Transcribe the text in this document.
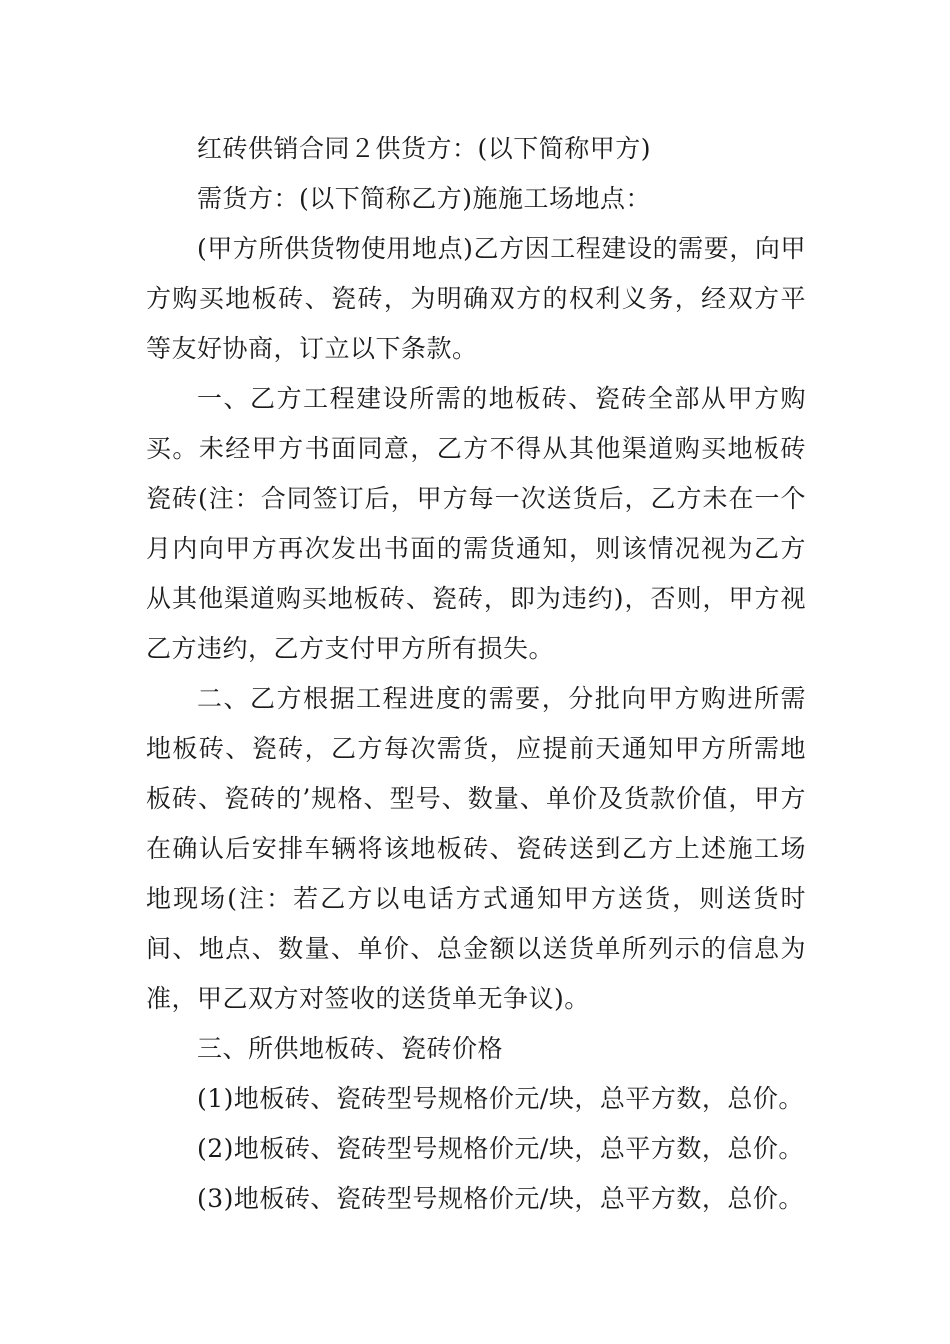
红砖供销合同２供货方：(以下简称甲方)

需货方：(以下简称乙方)施施工场地点：

(甲方所供货物使用地点)乙方因工程建设的需要，向甲方购买地板砖、瓷砖，为明确双方的权利义务，经双方平等友好协商，订立以下条款。

一、乙方工程建设所需的地板砖、瓷砖全部从甲方购买。未经甲方书面同意，乙方不得从其他渠道购买地板砖瓷砖(注：合同签订后，甲方每一次送货后，乙方未在一个月内向甲方再次发出书面的需货通知，则该情况视为乙方从其他渠道购买地板砖、瓷砖，即为违约)，否则，甲方视乙方违约，乙方支付甲方所有损失。

二、乙方根据工程进度的需要，分批向甲方购进所需地板砖、瓷砖，乙方每次需货，应提前天通知甲方所需地板砖、瓷砖的’规格、型号、数量、单价及货款价值，甲方在确认后安排车辆将该地板砖、瓷砖送到乙方上述施工场地现场(注：若乙方以电话方式通知甲方送货，则送货时间、地点、数量、单价、总金额以送货单所列示的信息为准，甲乙双方对签收的送货单无争议)。

三、所供地板砖、瓷砖价格

(1)地板砖、瓷砖型号规格价元/块，总平方数，总价。

(2)地板砖、瓷砖型号规格价元/块，总平方数，总价。

(3)地板砖、瓷砖型号规格价元/块，总平方数，总价。
